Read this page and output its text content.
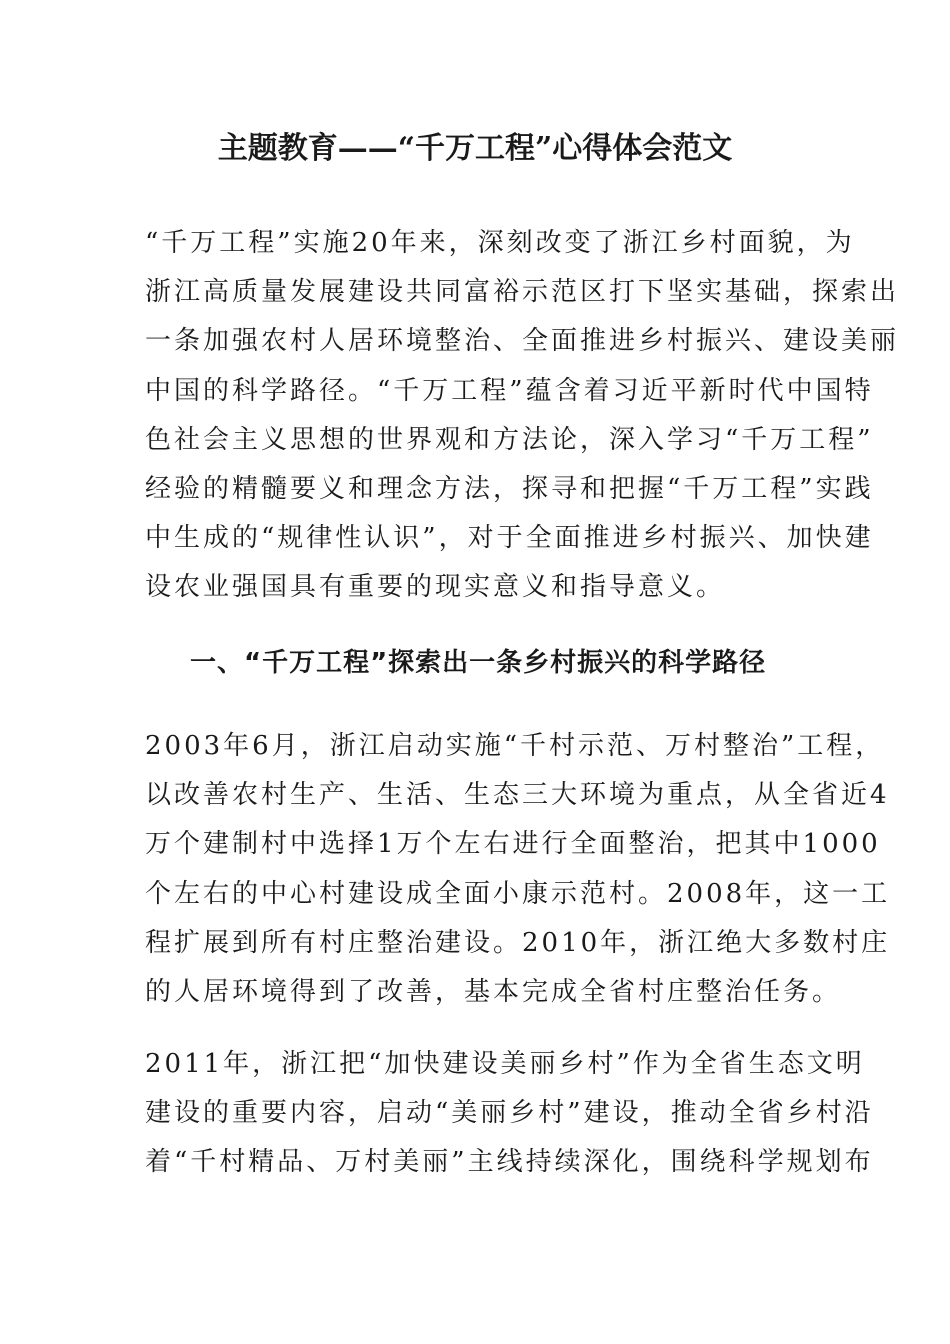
主题教育——“千万工程”心得体会范文
“千万工程”实施20年来，深刻改变了浙江乡村面貌，为
浙江高质量发展建设共同富裕示范区打下坚实基础，探索出
一条加强农村人居环境整治、全面推进乡村振兴、建设美丽
中国的科学路径。“千万工程”蕴含着习近平新时代中国特
色社会主义思想的世界观和方法论，深入学习“千万工程”
经验的精髓要义和理念方法，探寻和把握“千万工程”实践
中生成的“规律性认识”，对于全面推进乡村振兴、加快建
设农业强国具有重要的现实意义和指导意义。
一、“千万工程”探索出一条乡村振兴的科学路径
2003年6月，浙江启动实施“千村示范、万村整治”工程，
以改善农村生产、生活、生态三大环境为重点，从全省近4
万个建制村中选择1万个左右进行全面整治，把其中1000
个左右的中心村建设成全面小康示范村。2008年，这一工
程扩展到所有村庄整治建设。2010年，浙江绝大多数村庄
的人居环境得到了改善，基本完成全省村庄整治任务。
2011年，浙江把“加快建设美丽乡村”作为全省生态文明
建设的重要内容，启动“美丽乡村”建设，推动全省乡村沿
着“千村精品、万村美丽”主线持续深化，围绕科学规划布
